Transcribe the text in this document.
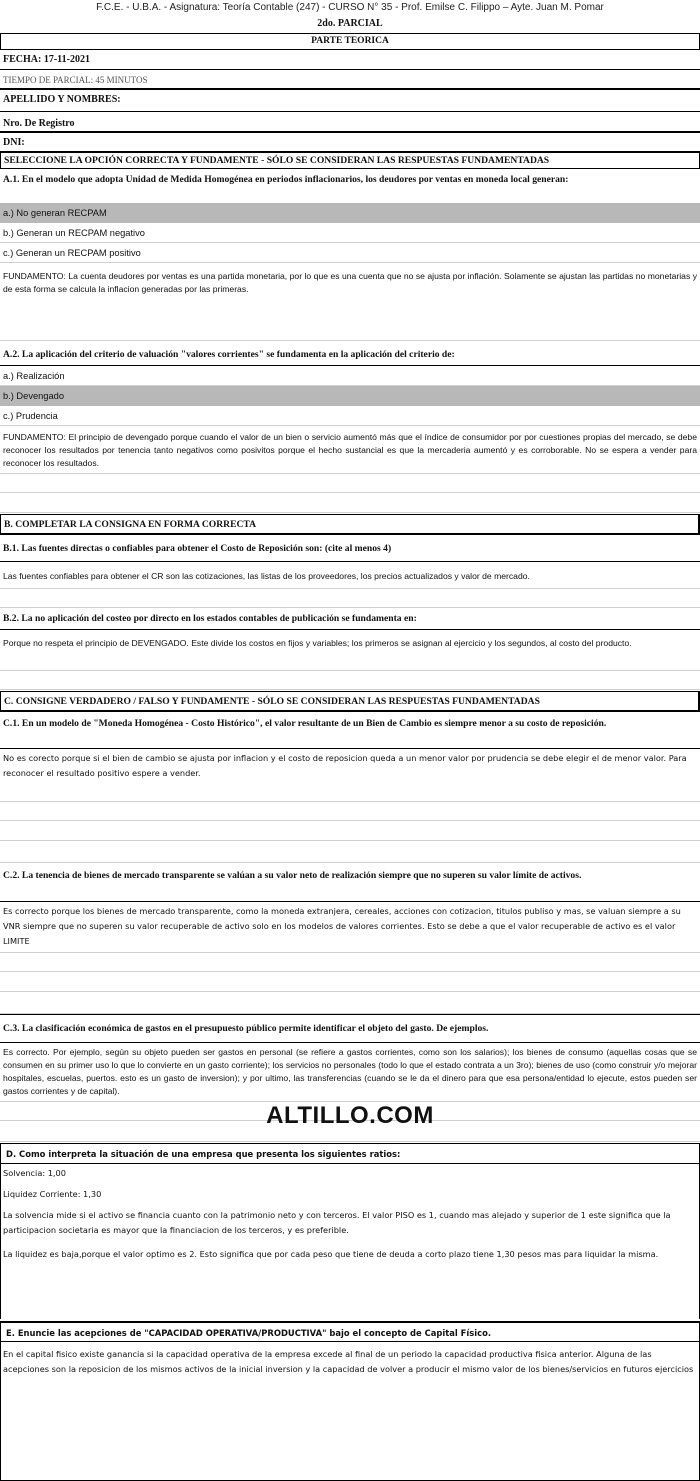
F.C.E. - U.B.A. - Asignatura: Teoría Contable (247) - CURSO N° 35 - Prof. Emilse C. Filippo – Ayte. Juan M. Pomar
2do. PARCIAL
PARTE TEORICA
FECHA: 17-11-2021
TIEMPO DE PARCIAL: 45 MINUTOS
APELLIDO Y NOMBRES:
Nro. De Registro
DNI:
SELECCIONE LA OPCIÓN CORRECTA Y FUNDAMENTE - SÓLO SE CONSIDERAN LAS RESPUESTAS FUNDAMENTADAS
A.1. En el modelo que adopta Unidad de Medida Homogénea en periodos inflacionarios, los deudores por ventas en moneda local generan:
a.) No generan RECPAM
b.) Generan un RECPAM negativo
c.) Generan un RECPAM positivo
FUNDAMENTO: La cuenta deudores por ventas es una partida monetaria, por lo que es una cuenta que no se ajusta por inflación. Solamente se ajustan las partidas no monetarias y de esta forma se calcula la inflacion generadas por las primeras.
A.2. La aplicación del criterio de valuación "valores corrientes" se fundamenta en la aplicación del criterio de:
a.) Realización
b.) Devengado
c.) Prudencia
FUNDAMENTO: El principio de devengado porque cuando el valor de un bien o servicio aumentó más que el índice de consumidor por por cuestiones propias del mercado, se debe reconocer los resultados por tenencia tanto negativos como posivitos porque el hecho sustancial es que la mercaderia aumentó y es corroborable. No se espera a vender para reconocer los resultados.
B. COMPLETAR LA CONSIGNA EN FORMA CORRECTA
B.1. Las fuentes directas o confiables para obtener el Costo de Reposición son: (cite al menos 4)
Las fuentes confiables para obtener el CR son las cotizaciones, las listas de los proveedores, los precios actualizados y valor de mercado.
B.2. La no aplicación del costeo por directo en los estados contables de publicación se fundamenta en:
Porque no respeta el principio de DEVENGADO. Este divide los costos en fijos y variables; los primeros se asignan al ejercicio y los segundos, al costo del producto.
C. CONSIGNE VERDADERO / FALSO Y FUNDAMENTE - SÓLO SE CONSIDERAN LAS RESPUESTAS FUNDAMENTADAS
C.1. En un modelo de "Moneda Homogénea - Costo Histórico", el valor resultante de un Bien de Cambio es siempre menor a su costo de reposición.
No es corecto porque si el bien de cambio se ajusta por inflacion y el costo de reposicion queda a un menor valor por prudencia se debe elegir el de menor valor. Para reconocer el resultado positivo espere a vender.
C.2. La tenencia de bienes de mercado transparente se valúan a su valor neto de realización siempre que no superen su valor límite de activos.
Es correcto porque los bienes de mercado transparente, como la moneda extranjera, cereales, acciones con cotizacion, titulos publiso y mas, se valuan siempre a su VNR siempre que no superen su valor recuperable de activo solo en los modelos de valores corrientes. Esto se debe a que el valor recuperable de activo es el valor LIMITE
C.3. La clasificación económica de gastos en el presupuesto público permite identificar el objeto del gasto. De ejemplos.
Es correcto. Por ejemplo, según su objeto pueden ser gastos en personal (se refiere a gastos corrientes, como son los salarios); los bienes de consumo (aquellas cosas que se consumen en su primer uso lo que lo convierte en un gasto corriente); los servicios no personales (todo lo que el estado contrata a un 3ro); bienes de uso (como construir y/o mejorar hospitales, escuelas, puertos. esto es un gasto de inversion); y por ultimo, las transferencias (cuando se le da el dinero para que esa persona/entidad lo ejecute, estos pueden ser gastos corrientes y de capital).
ALTILLO.COM
D. Como interpreta la situación de una empresa que presenta los siguientes ratios:
Solvencia: 1,00
Liquidez Corriente: 1,30
La solvencia mide si el activo se financia cuanto con la patrimonio neto y con terceros. El valor PISO es 1, cuando mas alejado y superior de 1 este significa que la participacion societaria es mayor que la financiacion de los terceros, y es preferible.
La liquidez es baja,porque el valor optimo es 2. Esto significa que por cada peso que tiene de deuda a corto plazo tiene 1,30 pesos mas para liquidar la misma.
E. Enuncie las acepciones de "CAPACIDAD OPERATIVA/PRODUCTIVA" bajo el concepto de Capital Físico.
En el capital fisico existe ganancia si la capacidad operativa de la empresa excede al final de un periodo la capacidad productiva fisica anterior. Alguna de las acepciones son la reposicion de los mismos activos de la inicial inversion y la capacidad de volver a producir el mismo valor de los bienes/servicios en futuros ejercicios
